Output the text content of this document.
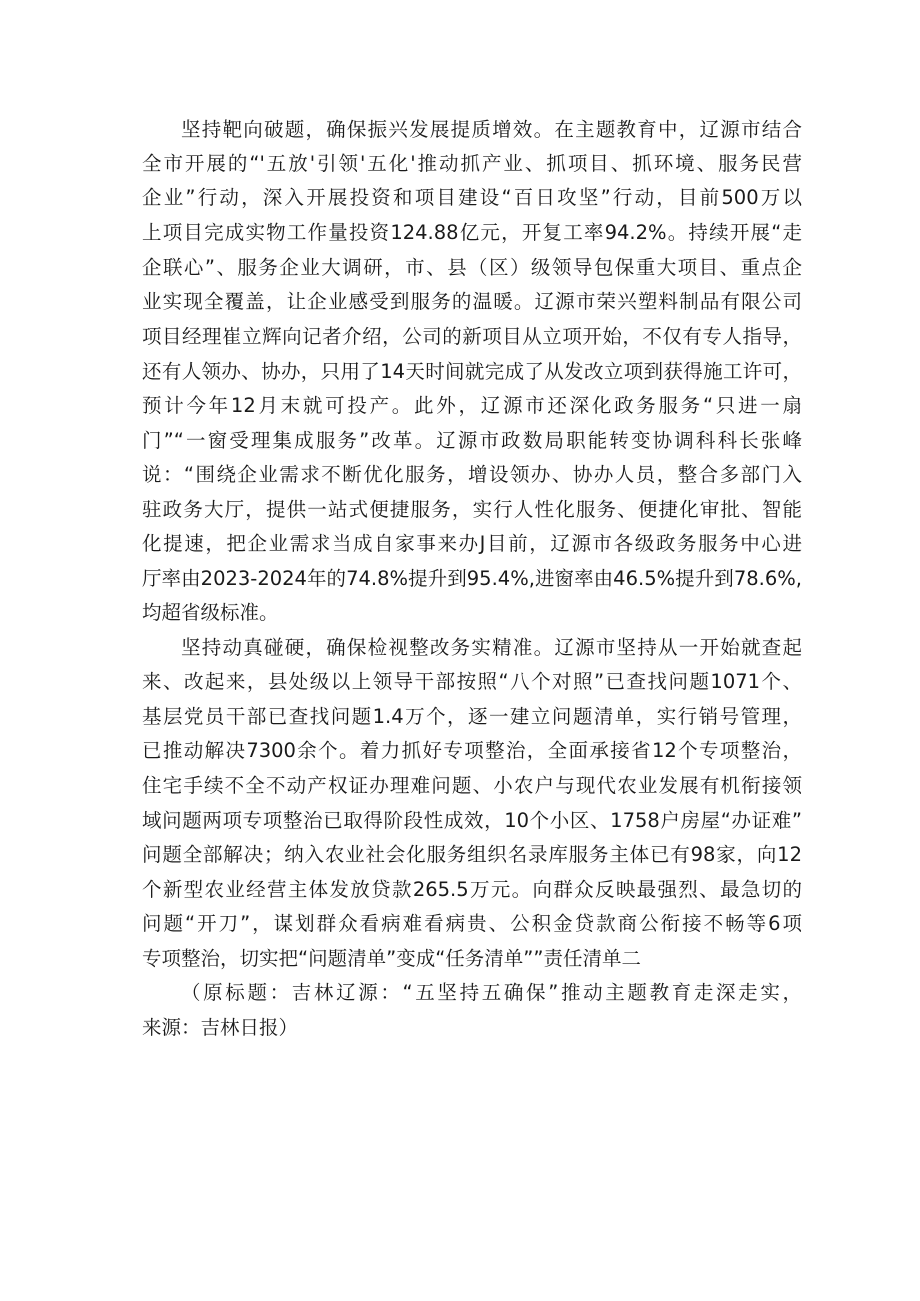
坚持靶向破题，确保振兴发展提质增效。在主题教育中，辽源市结合

全市开展的“'五放'引领'五化'推动抓产业、抓项目、抓环境、服务民营

企业”行动，深入开展投资和项目建设“百日攻坚”行动，目前500万以

上项目完成实物工作量投资124.88亿元，开复工率94.2%。持续开展“走

企联心”、服务企业大调研，市、县（区）级领导包保重大项目、重点企

业实现全覆盖，让企业感受到服务的温暖。辽源市荣兴塑料制品有限公司

项目经理崔立辉向记者介绍，公司的新项目从立项开始，不仅有专人指导，

还有人领办、协办，只用了14天时间就完成了从发改立项到获得施工许可，

预计今年12月末就可投产。此外，辽源市还深化政务服务“只进一扇

门”“一窗受理集成服务”改革。辽源市政数局职能转变协调科科长张峰

说：“围绕企业需求不断优化服务，增设领办、协办人员，整合多部门入

驻政务大厅，提供一站式便捷服务，实行人性化服务、便捷化审批、智能

化提速，把企业需求当成自家事来办J目前，辽源市各级政务服务中心进

厅率由2023-2024年的74.8%提升到95.4%,进窗率由46.5%提升到78.6%,

均超省级标准。

坚持动真碰硬，确保检视整改务实精准。辽源市坚持从一开始就查起

来、改起来，县处级以上领导干部按照“八个对照”已查找问题1071个、

基层党员干部已查找问题1.4万个，逐一建立问题清单，实行销号管理，

已推动解决7300余个。着力抓好专项整治，全面承接省12个专项整治，

住宅手续不全不动产权证办理难问题、小农户与现代农业发展有机衔接领

域问题两项专项整治已取得阶段性成效，10个小区、1758户房屋“办证难”

问题全部解决；纳入农业社会化服务组织名录库服务主体已有98家，向12

个新型农业经营主体发放贷款265.5万元。向群众反映最强烈、最急切的

问题“开刀”，谋划群众看病难看病贵、公积金贷款商公衔接不畅等6项

专项整治，切实把“问题清单”变成“任务清单””责任清单二

（原标题：吉林辽源：“五坚持五确保”推动主题教育走深走实，

来源：吉林日报）
